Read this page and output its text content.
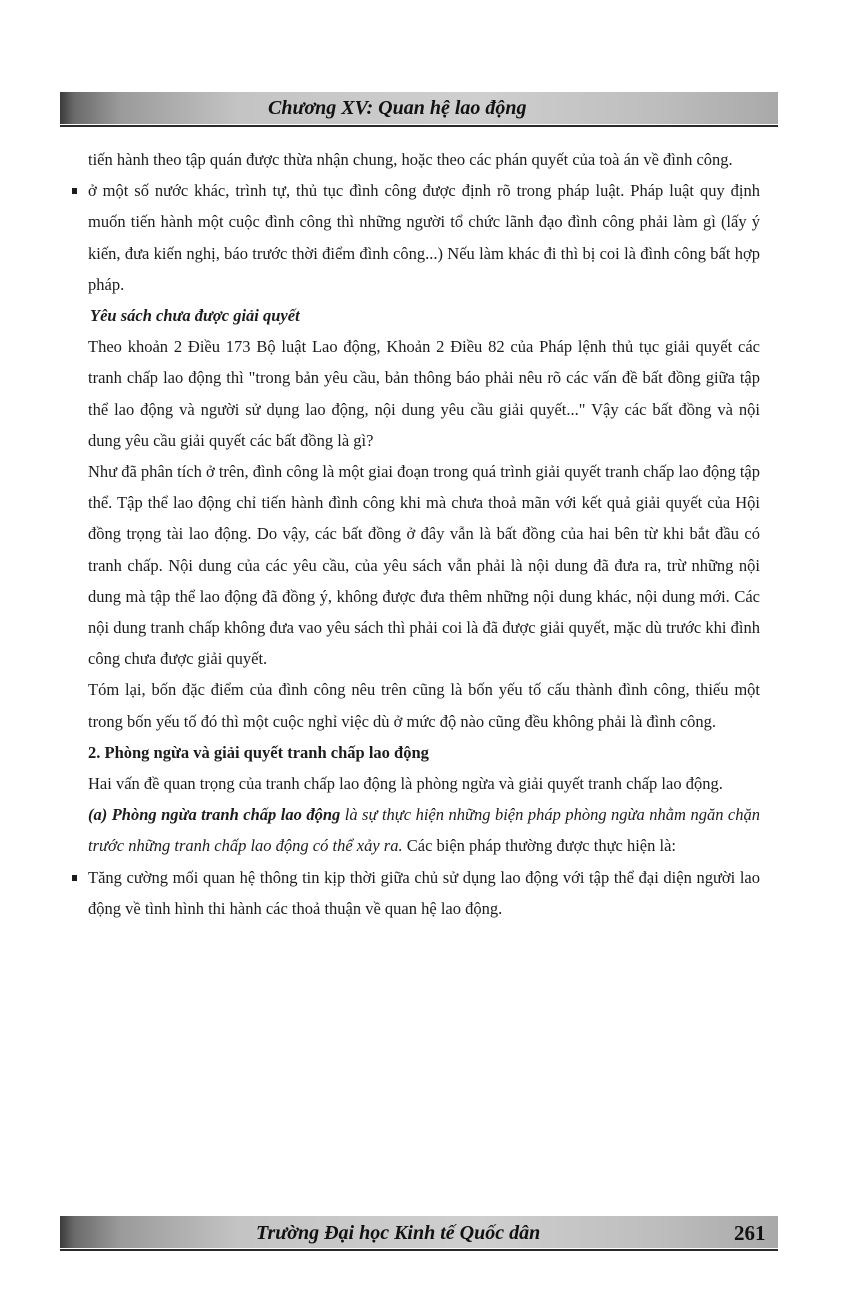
Chương XV: Quan hệ lao động

tiến hành theo tập quán được thừa nhận chung, hoặc theo các phán quyết của toà án về đình công.

ở một số nước khác, trình tự, thủ tục đình công được định rõ trong pháp luật. Pháp luật quy định muốn tiến hành một cuộc đình công thì những người tổ chức lãnh đạo đình công phải làm gì (lấy ý kiến, đưa kiến nghị, báo trước thời điểm đình công...) Nếu làm khác đi thì bị coi là đình công bất hợp pháp.

Yêu sách chưa được giải quyết

Theo khoản 2 Điều 173 Bộ luật Lao động, Khoản 2 Điều 82 của Pháp lệnh thủ tục giải quyết các tranh chấp lao động thì "trong bản yêu cầu, bản thông báo phải nêu rõ các vấn đề bất đồng giữa tập thể lao động và người sử dụng lao động, nội dung yêu cầu giải quyết..." Vậy các bất đồng và nội dung yêu cầu giải quyết các bất đồng là gì?

Như đã phân tích ở trên, đình công là một giai đoạn trong quá trình giải quyết tranh chấp lao động tập thể. Tập thể lao động chỉ tiến hành đình công khi mà chưa thoả mãn với kết quả giải quyết của Hội đồng trọng tài lao động. Do vậy, các bất đồng ở đây vẫn là bất đồng của hai bên từ khi bắt đầu có tranh chấp. Nội dung của các yêu cầu, của yêu sách vẫn phải là nội dung đã đưa ra, trừ những nội dung mà tập thể lao động đã đồng ý, không được đưa thêm những nội dung khác, nội dung mới. Các nội dung tranh chấp không đưa vao yêu sách thì phải coi là đã được giải quyết, mặc dù trước khi đình công chưa được giải quyết.

Tóm lại, bốn đặc điểm của đình công nêu trên cũng là bốn yếu tố cấu thành đình công, thiếu một trong bốn yếu tố đó thì một cuộc nghỉ việc dù ở mức độ nào cũng đều không phải là đình công.

2. Phòng ngừa và giải quyết tranh chấp lao động

Hai vấn đề quan trọng của tranh chấp lao động là phòng ngừa và giải quyết tranh chấp lao động.

(a) Phòng ngừa tranh chấp lao động là sự thực hiện những biện pháp phòng ngừa nhằm ngăn chặn trước những tranh chấp lao động có thể xảy ra. Các biện pháp thường được thực hiện là:

Tăng cường mối quan hệ thông tin kịp thời giữa chủ sử dụng lao động với tập thể đại diện người lao động về tình hình thi hành các thoả thuận về quan hệ lao động.

Trường Đại học Kinh tế Quốc dân	261
